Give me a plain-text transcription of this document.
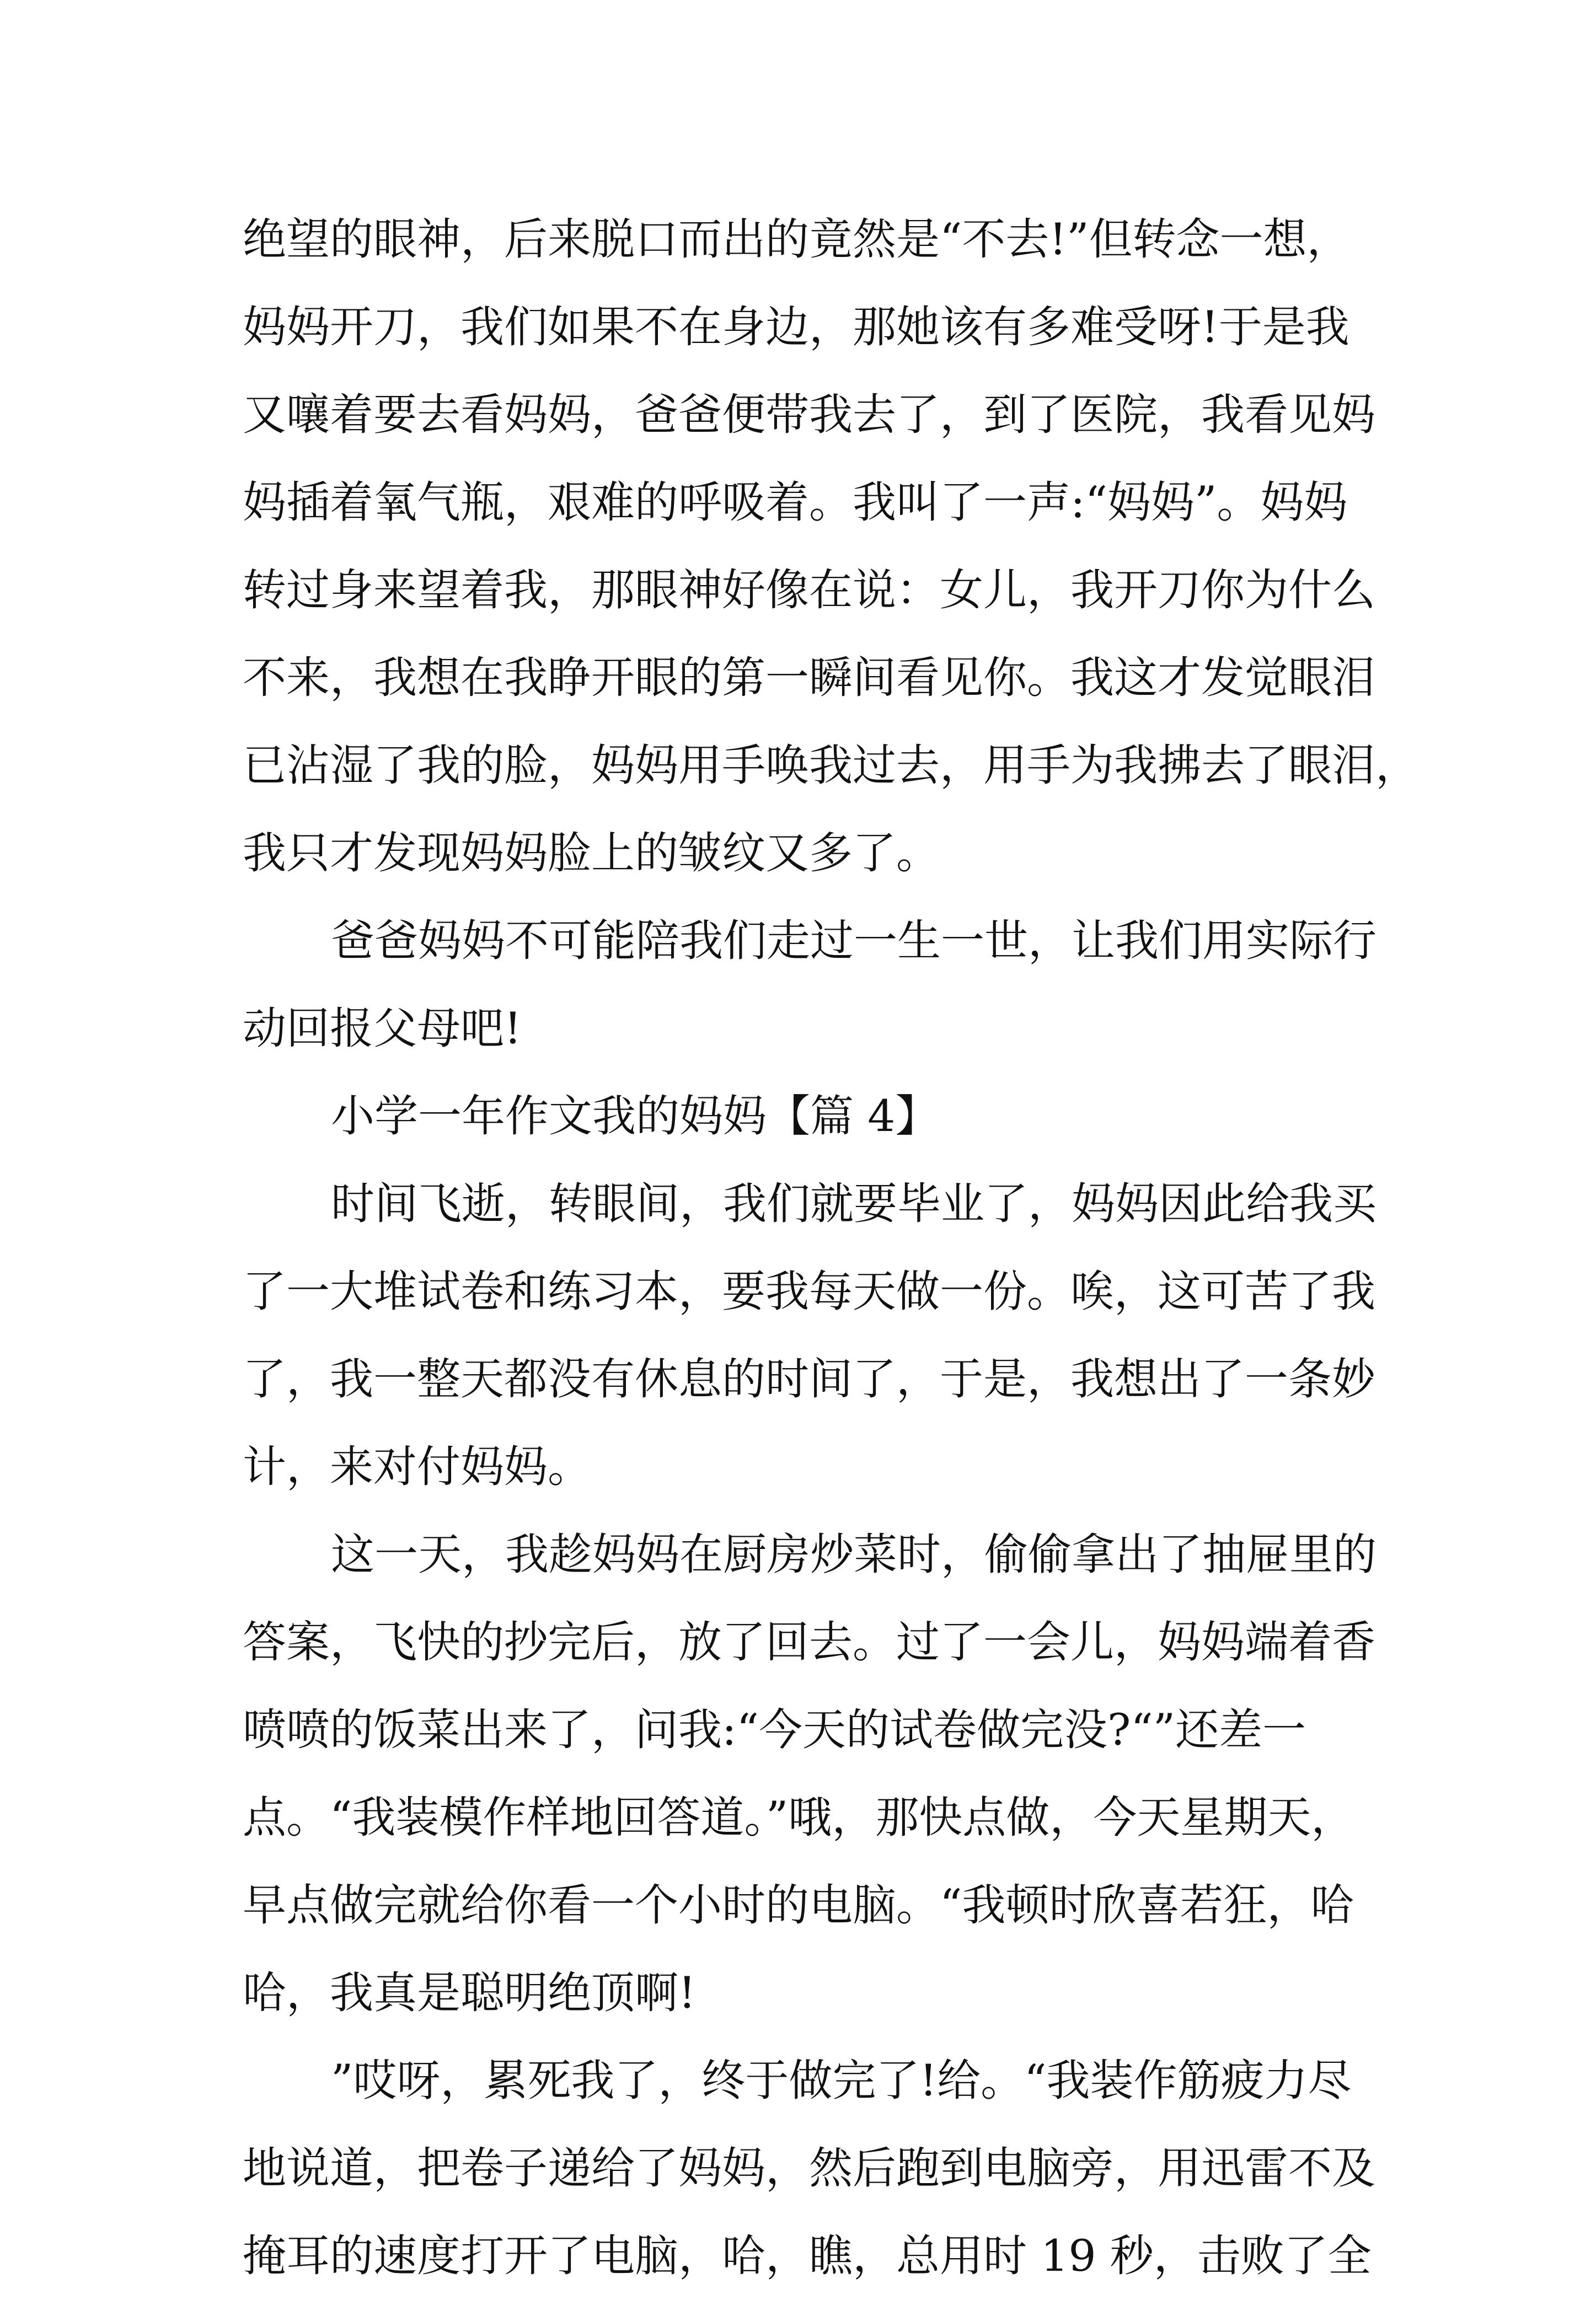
绝望的眼神，后来脱口而出的竟然是“不去!”但转念一想，
妈妈开刀，我们如果不在身边，那她该有多难受呀!于是我
又嚷着要去看妈妈，爸爸便带我去了，到了医院，我看见妈
妈插着氧气瓶，艰难的呼吸着。我叫了一声:“妈妈”。妈妈
转过身来望着我，那眼神好像在说：女儿，我开刀你为什么
不来，我想在我睁开眼的第一瞬间看见你。我这才发觉眼泪
已沾湿了我的脸，妈妈用手唤我过去，用手为我拂去了眼泪，
我只才发现妈妈脸上的皱纹又多了。
爸爸妈妈不可能陪我们走过一生一世，让我们用实际行
动回报父母吧!
小学一年作文我的妈妈【篇 4】
时间飞逝，转眼间，我们就要毕业了，妈妈因此给我买
了一大堆试卷和练习本，要我每天做一份。唉，这可苦了我
了，我一整天都没有休息的时间了，于是，我想出了一条妙
计，来对付妈妈。
这一天，我趁妈妈在厨房炒菜时，偷偷拿出了抽屉里的
答案，飞快的抄完后，放了回去。过了一会儿，妈妈端着香
喷喷的饭菜出来了，问我:“今天的试卷做完没?“”还差一
点。“我装模作样地回答道。”哦，那快点做，今天星期天，
早点做完就给你看一个小时的电脑。“我顿时欣喜若狂，哈
哈，我真是聪明绝顶啊!
”哎呀，累死我了，终于做完了!给。“我装作筋疲力尽
地说道，把卷子递给了妈妈，然后跑到电脑旁，用迅雷不及
掩耳的速度打开了电脑，哈，瞧，总用时 19 秒，击败了全
